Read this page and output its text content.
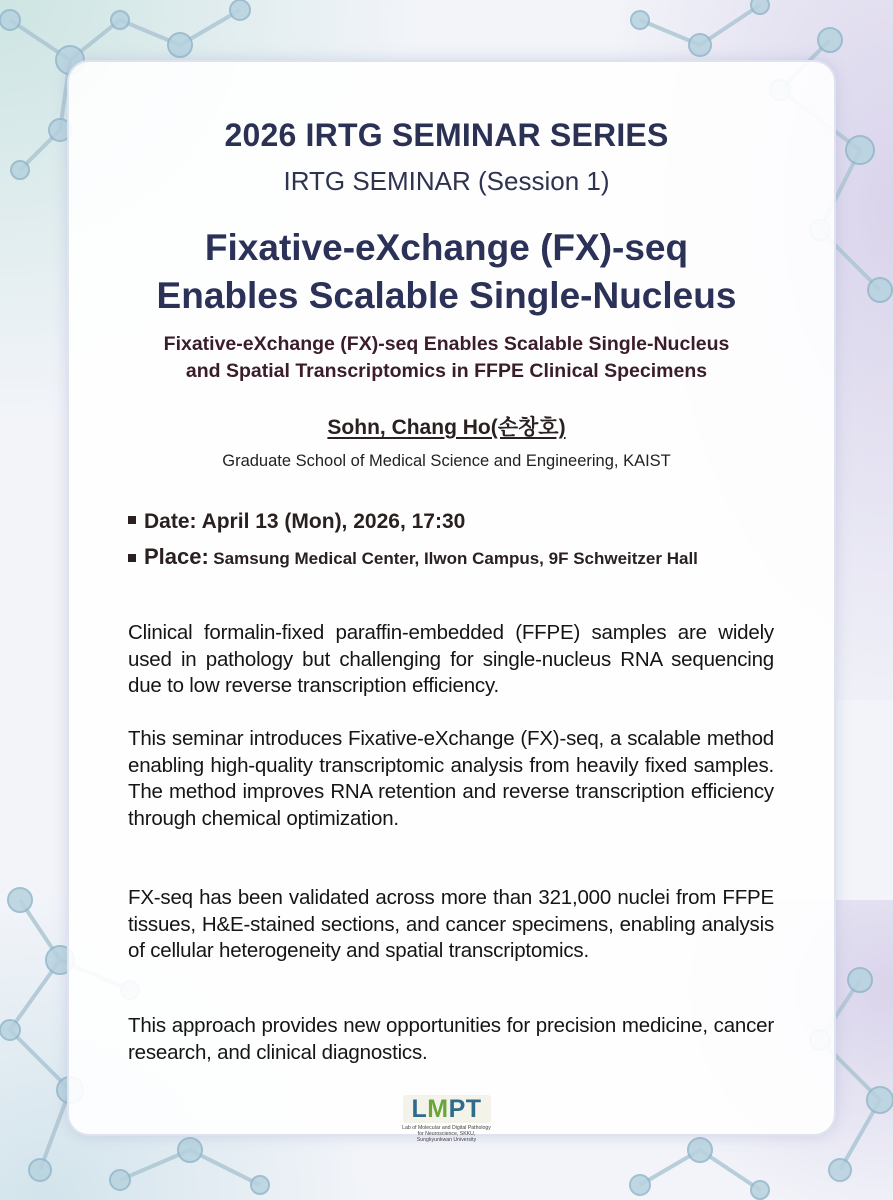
2026 IRTG SEMINAR SERIES
IRTG SEMINAR (Session 1)
Fixative-eXchange (FX)-seq
Enables Scalable Single-Nucleus
Fixative-eXchange (FX)-seq Enables Scalable Single-Nucleus
and Spatial Transcriptomics in FFPE Clinical Specimens
Sohn, Chang Ho(손창호)
Graduate School of Medical Science and Engineering, KAIST
Date: April 13 (Mon), 2026, 17:30
Place: Samsung Medical Center, Ilwon Campus, 9F Schweitzer Hall
Clinical formalin-fixed paraffin-embedded (FFPE) samples are widely used in pathology but challenging for single-nucleus RNA sequencing due to low reverse transcription efficiency.
This seminar introduces Fixative-eXchange (FX)-seq, a scalable method enabling high-quality transcriptomic analysis from heavily fixed samples. The method improves RNA retention and reverse transcription efficiency through chemical optimization.
FX-seq has been validated across more than 321,000 nuclei from FFPE tissues, H&E-stained sections, and cancer specimens, enabling analysis of cellular heterogeneity and spatial transcriptomics.
This approach provides new opportunities for precision medicine, cancer research, and clinical diagnostics.
LMPT
Lab of Molecular and Digital Pathology for Neuroscience, SKKU, Sungkyunkwan University
